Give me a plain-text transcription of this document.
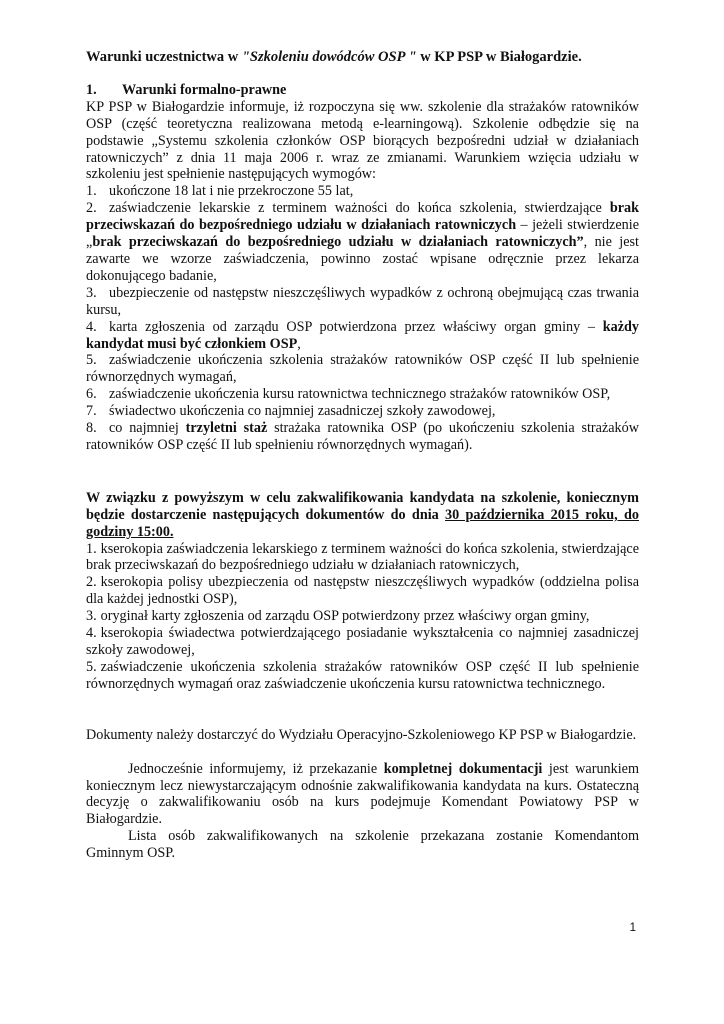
Warunki uczestnictwa w "Szkoleniu dowódców OSP " w KP PSP w Białogardzie.

1. Warunki formalno-prawne

KP PSP w Białogardzie informuje, iż rozpoczyna się ww. szkolenie dla strażaków ratowników OSP (część teoretyczna realizowana metodą e-learningową). Szkolenie odbędzie się na podstawie „Systemu szkolenia członków OSP biorących bezpośredni udział w działaniach ratowniczych” z dnia 11 maja 2006 r. wraz ze zmianami. Warunkiem wzięcia udziału w szkoleniu jest spełnienie następujących wymogów:

1. ukończone 18 lat i nie przekroczone 55 lat,

2. zaświadczenie lekarskie z terminem ważności do końca szkolenia, stwierdzające brak przeciwskazań do bezpośredniego udziału w działaniach ratowniczych – jeżeli stwierdzenie „brak przeciwskazań do bezpośredniego udziału w działaniach ratowniczych”, nie jest zawarte we wzorze zaświadczenia, powinno zostać wpisane odręcznie przez lekarza dokonującego badanie,

3. ubezpieczenie od następstw nieszczęśliwych wypadków z ochroną obejmującą czas trwania kursu,

4. karta zgłoszenia od zarządu OSP potwierdzona przez właściwy organ gminy – każdy kandydat musi być członkiem OSP,

5. zaświadczenie ukończenia szkolenia strażaków ratowników OSP część II lub spełnienie równorzędnych wymagań,

6. zaświadczenie ukończenia kursu ratownictwa technicznego strażaków ratowników OSP,

7. świadectwo ukończenia co najmniej zasadniczej szkoły zawodowej,

8. co najmniej trzyletni staż strażaka ratownika OSP (po ukończeniu szkolenia strażaków ratowników OSP część II lub spełnieniu równorzędnych wymagań).

W związku z powyższym w celu zakwalifikowania kandydata na szkolenie, koniecznym będzie dostarczenie następujących dokumentów do dnia 30 października 2015 roku, do godziny 15:00.

1. kserokopia zaświadczenia lekarskiego z terminem ważności do końca szkolenia, stwierdzające brak przeciwskazań do bezpośredniego udziału w działaniach ratowniczych,

2. kserokopia polisy ubezpieczenia od następstw nieszczęśliwych wypadków (oddzielna polisa dla każdej jednostki OSP),

3. oryginał karty zgłoszenia od zarządu OSP potwierdzony przez właściwy organ gminy,

4. kserokopia świadectwa potwierdzającego posiadanie wykształcenia co najmniej zasadniczej szkoły zawodowej,

5. zaświadczenie ukończenia szkolenia strażaków ratowników OSP część II lub spełnienie równorzędnych wymagań oraz zaświadczenie ukończenia kursu ratownictwa technicznego.

Dokumenty należy dostarczyć do Wydziału Operacyjno-Szkoleniowego KP PSP w Białogardzie.

Jednocześnie informujemy, iż przekazanie kompletnej dokumentacji jest warunkiem koniecznym lecz niewystarczającym odnośnie zakwalifikowania kandydata na kurs. Ostateczną decyzję o zakwalifikowaniu osób na kurs podejmuje Komendant Powiatowy PSP w Białogardzie.

Lista osób zakwalifikowanych na szkolenie przekazana zostanie Komendantom Gminnym OSP.

1
